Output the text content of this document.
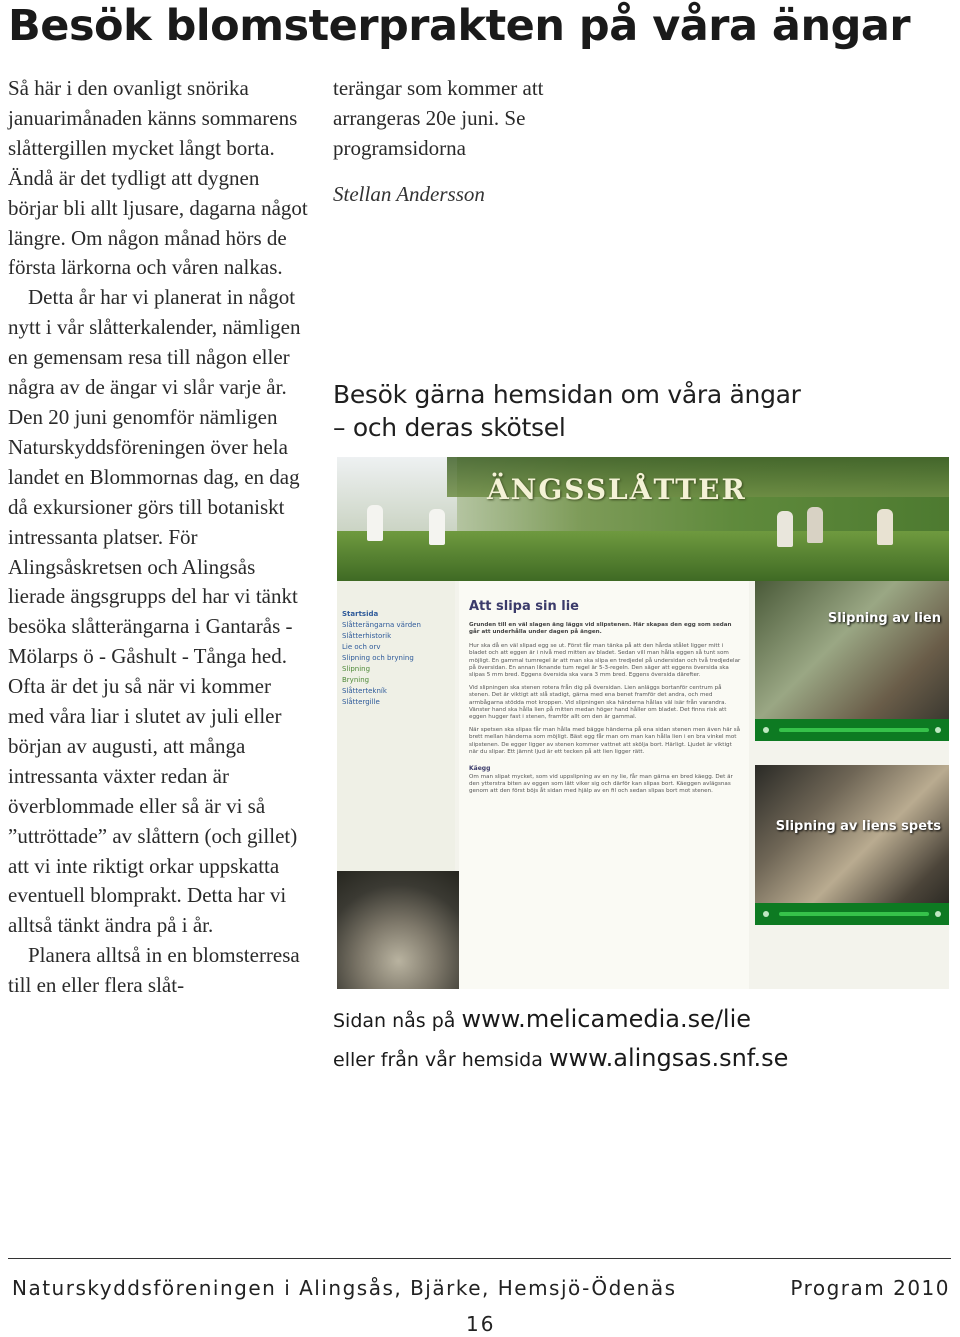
Besök blomsterprakten på våra ängar

Så här i den ovanligt snörika januarimånaden känns sommarens slåttergillen mycket långt borta. Ändå är det tydligt att dygnen börjar bli allt ljusare, dagarna något längre. Om någon månad hörs de första lärkorna och våren nalkas.

Detta år har vi planerat in något nytt i vår slåtterkalender, nämligen en gemensam resa till någon eller några av de ängar vi slår varje år. Den 20 juni genomför nämligen Naturskyddsföreningen över hela landet en Blommornas dag, en dag då exkursioner görs till botaniskt intressanta platser. För Alingsåskretsen och Alingsås lierade ängsgrupps del har vi tänkt besöka slåtterängarna i Gantarås - Mölarps ö - Gåshult - Tånga hed. Ofta är det ju så när vi kommer med våra liar i slutet av juli eller början av augusti, att många intressanta växter redan är överblommade eller så är vi så ”uttröttade” av slåttern (och gillet) att vi inte riktigt orkar uppskatta eventuell blomprakt. Detta har vi alltså tänkt ändra på i år.

Planera alltså in en blomsterresa till en eller flera slåt-

terängar som kommer att arrangeras 20e juni. Se programsidorna

Stellan Andersson
Besök gärna hemsidan om våra ängar
– och deras skötsel
ÄNGSSLÅTTER
Startsida
Slåtterängarna värden
Slåtterhistorik
Lie och orv
Slipning och bryning
Slipning
Bryning
Slåttertekník
Slåttergille
Att slipa sin lie
Grunden till en väl slagen äng läggs vid slipstenen. Här skapas den egg som sedan går att underhålla under dagen på ängen.
Hur ska då en väl slipad egg se ut. Först får man tänka på att den hårda stålet ligger mitt i bladet och att eggen är i nivå med mitten av bladet. Sedan vill man hålla eggen så tunt som möjligt. En gammal tumregel är att man ska slipa en tredjedel på undersidan och två tredjedelar på översidan. En annan liknande tum regel är 5-3-regeln. Den säger att eggens översida ska slipas 5 mm bred. Eggens översida ska vara 3 mm bred. Eggens översida därefter.
Vid slipningen ska stenen rotera från dig på översidan. Lien anläggs bortanför centrum på stenen. Det är viktigt att slå stadigt, gärna med ena benet framför det andra, och med armbågarna stödda mot kroppen. Vid slipningen ska händerna hållas väl isär från varandra. Vänster hand ska hålla lien på mitten medan höger hand håller om bladet. Det finns risk att eggen hugger fast i stenen, framför allt om den är gammal.
När spetsen ska slipas får man hålla med bägge händerna på ena sidan stenen men även här så brett mellan händerna som möjligt. Bäst egg får man om man kan hålla lien i en bra vinkel mot slipstenen. De egger ligger av stenen kommer vattnet att skölja bort. Härligt. Ljudet är viktigt när du slipar. Ett jämnt ljud är ett tecken på att lien ligger rätt.
Käegg
Om man slipat mycket, som vid uppslipning av en ny lie, får man gärna en bred käegg. Det är den ytterstra biten av eggen som lätt viker sig och därför kan slipas bort. Käeggen avlägsnas genom att den först böjs åt sidan med hjälp av en fil och sedan slipas bort mot stenen.
Slipning av lien
Slipning av liens spets
Sidan nås på www.melicamedia.se/lie
eller från vår hemsida www.alingsas.snf.se
Naturskyddsföreningen i Alingsås, Bjärke, Hemsjö-Ödenäs	Program 2010
16
